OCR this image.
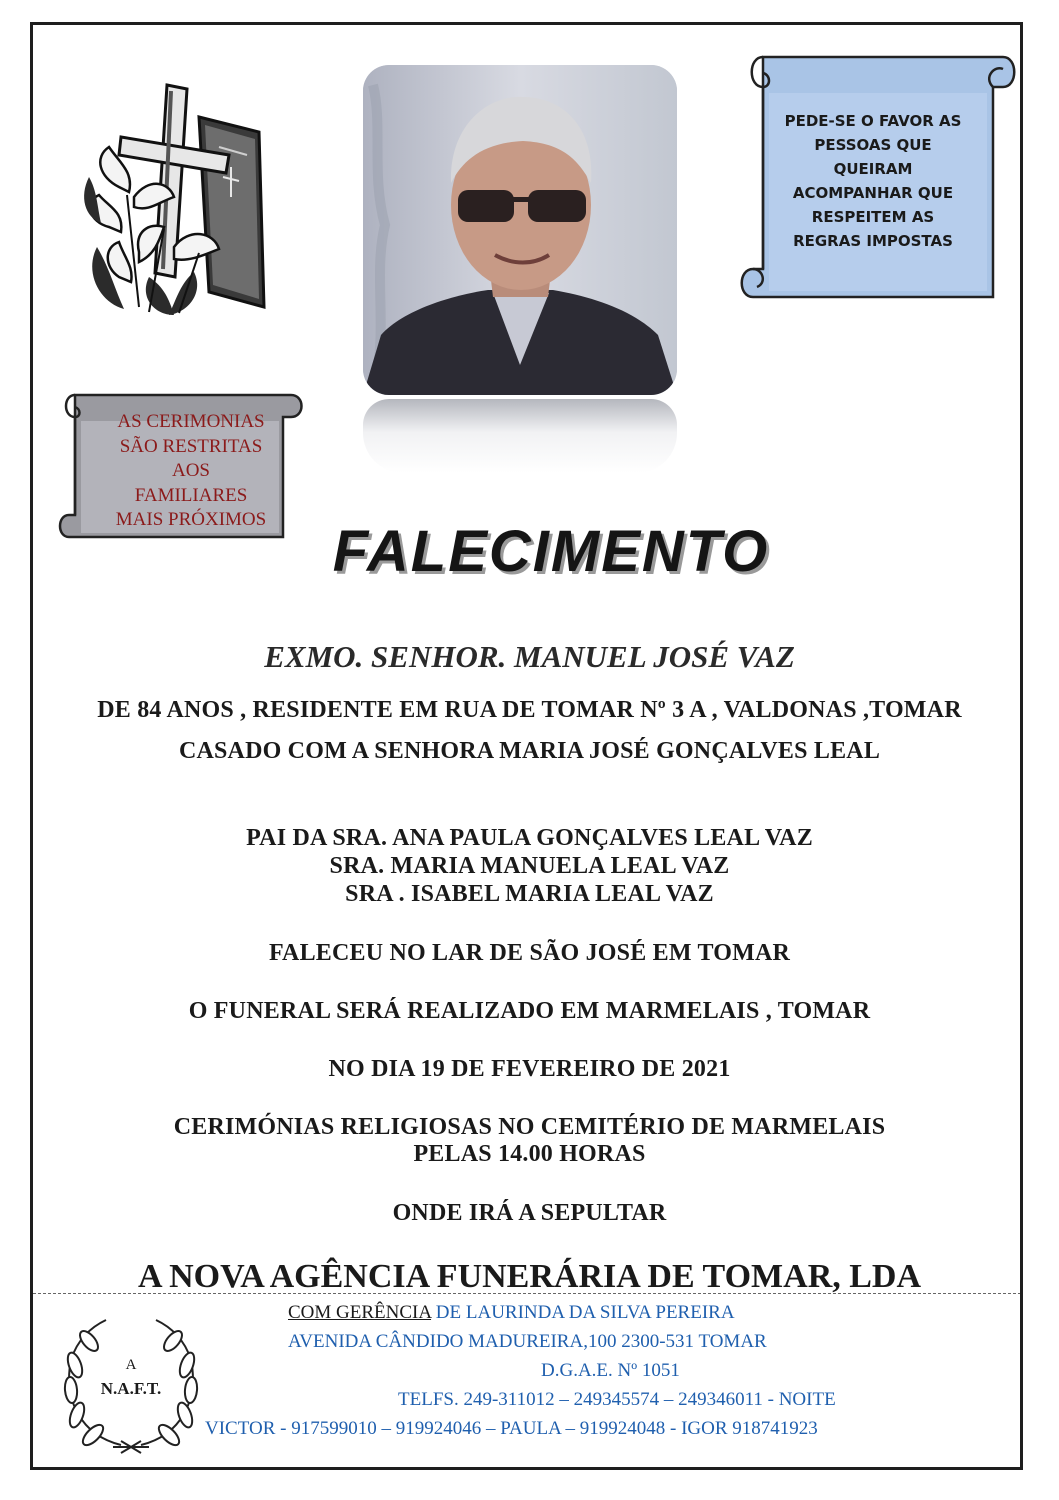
PEDE-SE O FAVOR AS
PESSOAS QUE
QUEIRAM
ACOMPANHAR QUE
RESPEITEM AS
REGRAS IMPOSTAS
AS CERIMONIAS
SÃO RESTRITAS
AOS
FAMILIARES
MAIS PRÓXIMOS	FALECIMENTO
EXMO. SENHOR. MANUEL JOSÉ VAZ
DE 84 ANOS , RESIDENTE EM RUA DE TOMAR Nº 3 A , VALDONAS ,TOMAR
CASADO COM A SENHORA MARIA JOSÉ GONÇALVES LEAL
PAI DA SRA. ANA PAULA GONÇALVES LEAL VAZ
SRA. MARIA MANUELA LEAL VAZ
SRA . ISABEL MARIA LEAL VAZ
FALECEU NO LAR DE SÃO JOSÉ EM TOMAR
O FUNERAL SERÁ REALIZADO EM MARMELAIS , TOMAR
NO DIA 19 DE FEVEREIRO DE 2021
CERIMÓNIAS RELIGIOSAS NO CEMITÉRIO DE MARMELAIS
PELAS 14.00 HORAS
ONDE IRÁ A SEPULTAR
A NOVA AGÊNCIA FUNERÁRIA DE TOMAR, LDA
A
N.A.F.T.
COM GERÊNCIA DE LAURINDA DA SILVA PEREIRA
AVENIDA CÂNDIDO MADUREIRA,100 2300-531 TOMAR
D.G.A.E. Nº 1051
TELFS. 249-311012 – 249345574 – 249346011 - NOITE
VICTOR - 917599010 – 919924046 – PAULA – 919924048 - IGOR 918741923
